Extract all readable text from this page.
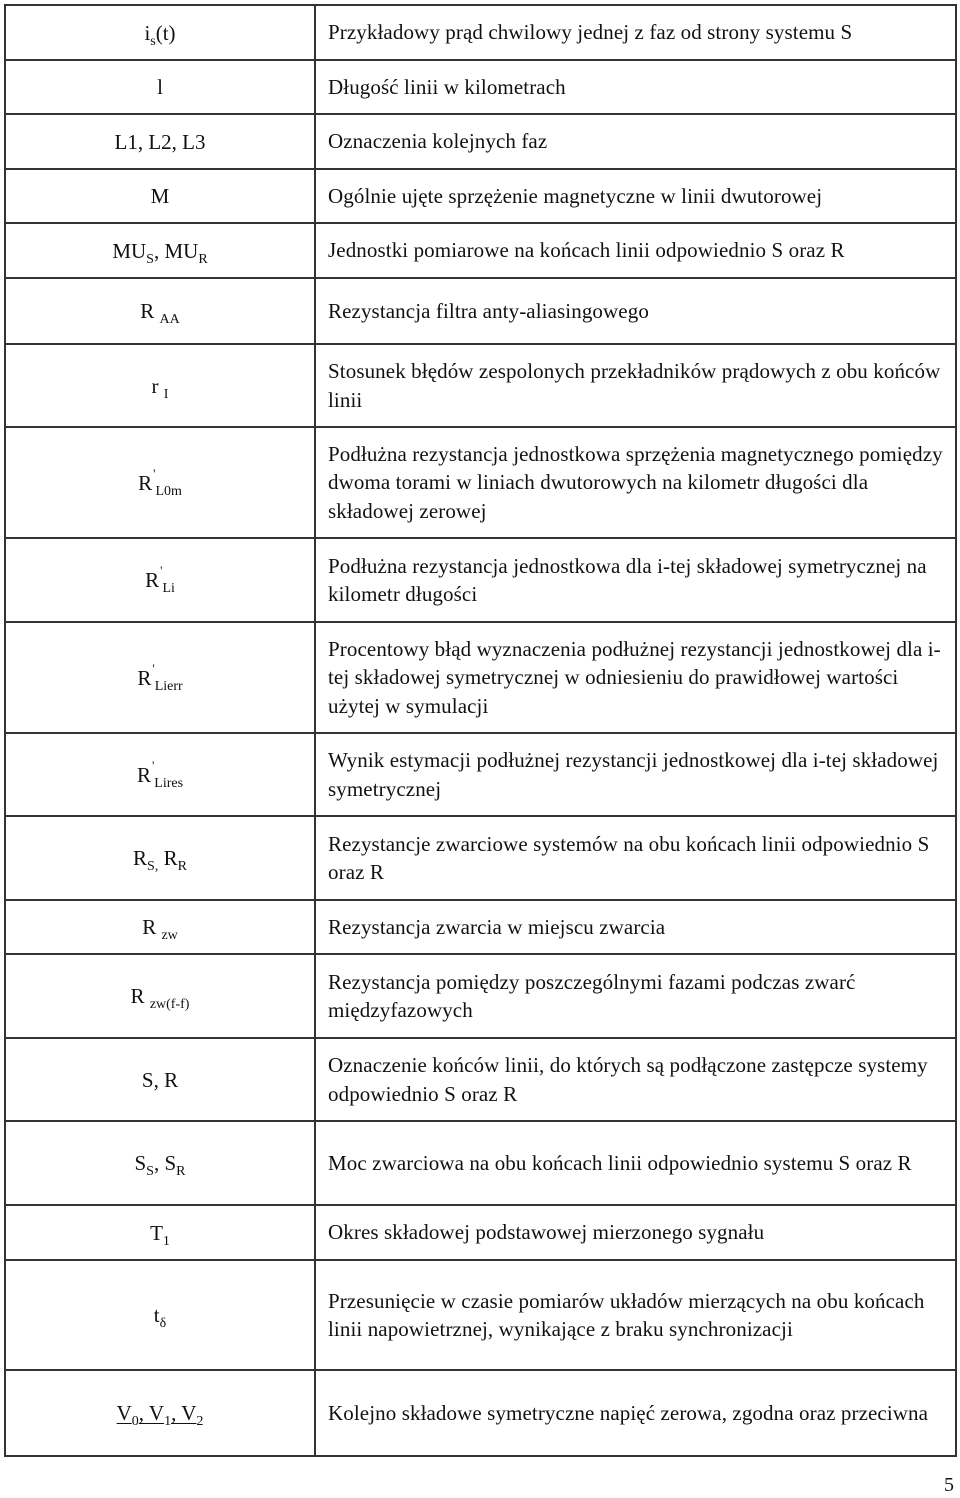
$i_s(t)$	Przykładowy prąd chwilowy jednej z faz od strony systemu S
l	Długość linii w kilometrach
L1, L2, L3	Oznaczenia kolejnych faz
M	Ogólnie ujęte sprzężenie magnetyczne w linii dwutorowej
$MU_S$, $MU_R$	Jednostki pomiarowe na końcach linii odpowiednio S oraz R
R $_{AA}$	Rezystancja filtra anty-aliasingowego
r $_I$	Stosunek błędów zespolonych przekładników prądowych z obu końców linii
$R'_{L0m}$	Podłużna rezystancja jednostkowa sprzężenia magnetycznego pomiędzy dwoma torami w liniach dwutorowych na kilometr długości dla składowej zerowej
$R'_{Li}$	Podłużna rezystancja jednostkowa dla i-tej składowej symetrycznej na kilometr długości
$R'_{Lierr}$	Procentowy błąd wyznaczenia podłużnej rezystancji jednostkowej dla i-tej składowej symetrycznej w odniesieniu do prawidłowej wartości użytej w symulacji
$R'_{Lires}$	Wynik estymacji podłużnej rezystancji jednostkowej dla i-tej składowej symetrycznej
$R_{S,}$ $R_R$	Rezystancje zwarciowe systemów na obu końcach linii odpowiednio S oraz R
R $_{zw}$	Rezystancja zwarcia w miejscu zwarcia
R $_{zw(f-f)}$	Rezystancja pomiędzy poszczególnymi fazami podczas zwarć międzyfazowych
S, R	Oznaczenie końców linii, do których są podłączone zastępcze systemy odpowiednio S oraz R
$S_S$, $S_R$	Moc zwarciowa na obu końcach linii odpowiednio systemu S oraz R
$T_1$	Okres składowej podstawowej mierzonego sygnału
$t_\delta$	Przesunięcie w czasie pomiarów układów mierzących na obu końcach linii napowietrznej, wynikające z braku synchronizacji
$V_0$, $V_1$, $V_2$	Kolejno składowe symetryczne napięć zerowa, zgodna oraz przeciwna
5
